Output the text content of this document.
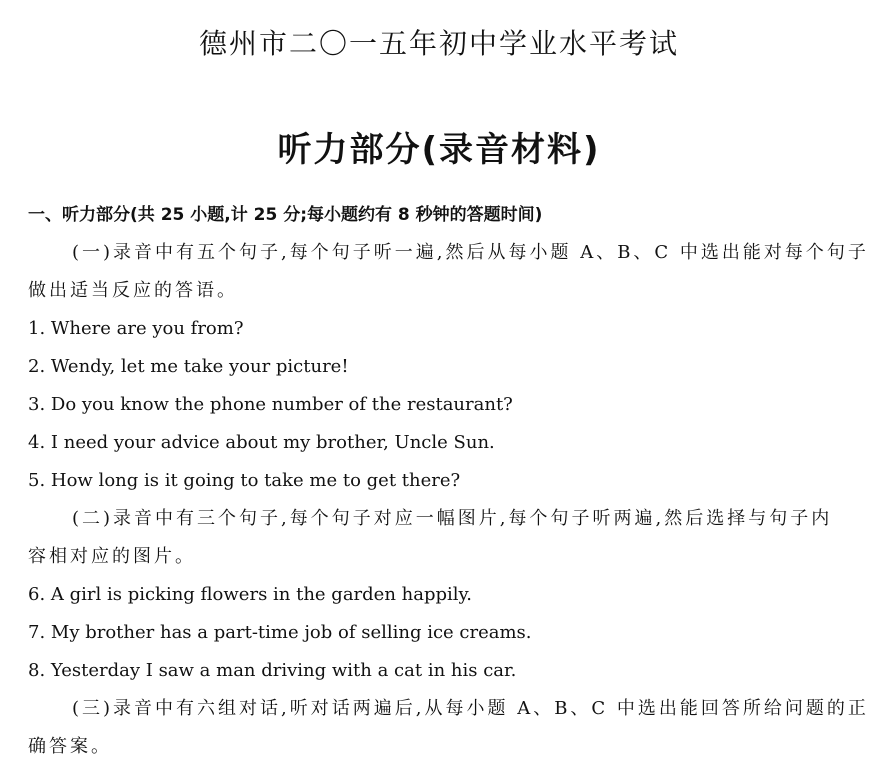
德州市二〇一五年初中学业水平考试
听力部分(录音材料)
一、听力部分(共 25 小题,计 25 分;每小题约有 8 秒钟的答题时间)
(一)录音中有五个句子,每个句子听一遍,然后从每小题 A、B、C 中选出能对每个句子
做出适当反应的答语。
1. Where are you from?
2. Wendy, let me take your picture!
3. Do you know the phone number of the restaurant?
4. I need your advice about my brother, Uncle Sun.
5. How long is it going to take me to get there?
(二)录音中有三个句子,每个句子对应一幅图片,每个句子听两遍,然后选择与句子内
容相对应的图片。
6. A girl is picking flowers in the garden happily.
7. My brother has a part-time job of selling ice creams.
8. Yesterday I saw a man driving with a cat in his car.
(三)录音中有六组对话,听对话两遍后,从每小题 A、B、C 中选出能回答所给问题的正
确答案。
